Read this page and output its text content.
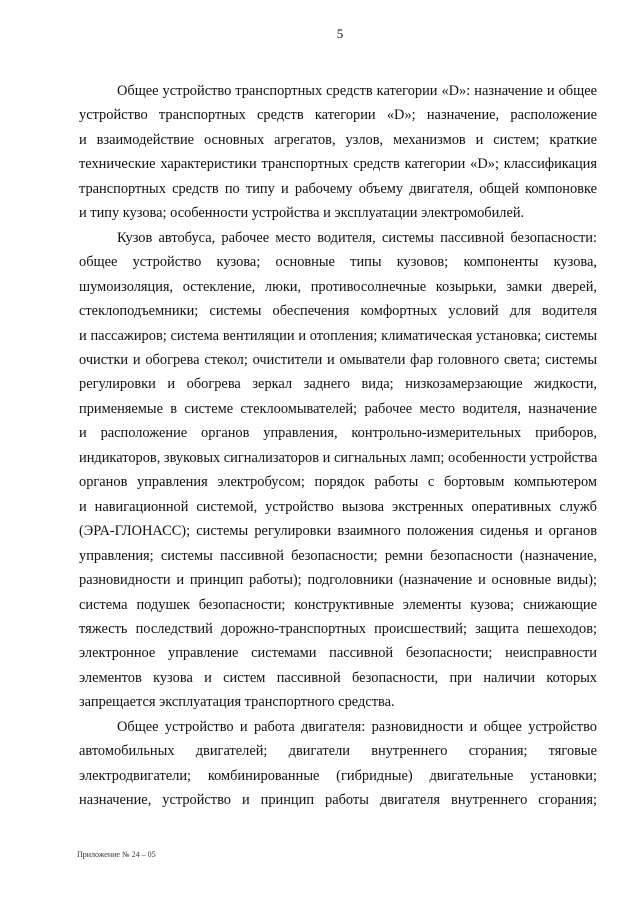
5

Общее устройство транспортных средств категории «D»: назначение и общее
устройство транспортных средств категории «D»; назначение, расположение
и взаимодействие основных агрегатов, узлов, механизмов и систем; краткие
технические характеристики транспортных средств категории «D»; классификация
транспортных средств по типу и рабочему объему двигателя, общей компоновке
и типу кузова; особенности устройства и эксплуатации электромобилей.

Кузов автобуса, рабочее место водителя, системы пассивной безопасности:
общее устройство кузова; основные типы кузовов; компоненты кузова,
шумоизоляция, остекление, люки, противосолнечные козырьки, замки дверей,
стеклоподъемники; системы обеспечения комфортных условий для водителя
и пассажиров; система вентиляции и отопления; климатическая установка; системы
очистки и обогрева стекол; очистители и омыватели фар головного света; системы
регулировки и обогрева зеркал заднего вида; низкозамерзающие жидкости,
применяемые в системе стеклоомывателей; рабочее место водителя, назначение
и расположение органов управления, контрольно-измерительных приборов,
индикаторов, звуковых сигнализаторов и сигнальных ламп; особенности устройства
органов управления электробусом; порядок работы с бортовым компьютером
и навигационной системой, устройство вызова экстренных оперативных служб
(ЭРА-ГЛОНАСС); системы регулировки взаимного положения сиденья и органов
управления; системы пассивной безопасности; ремни безопасности (назначение,
разновидности и принцип работы); подголовники (назначение и основные виды);
система подушек безопасности; конструктивные элементы кузова; снижающие
тяжесть последствий дорожно-транспортных происшествий; защита пешеходов;
электронное управление системами пассивной безопасности; неисправности
элементов кузова и систем пассивной безопасности, при наличии которых
запрещается эксплуатация транспортного средства.

Общее устройство и работа двигателя: разновидности и общее устройство
автомобильных двигателей; двигатели внутреннего сгорания; тяговые
электродвигатели; комбинированные (гибридные) двигательные установки;
назначение, устройство и принцип работы двигателя внутреннего сгорания;

Приложение № 24 – 05
